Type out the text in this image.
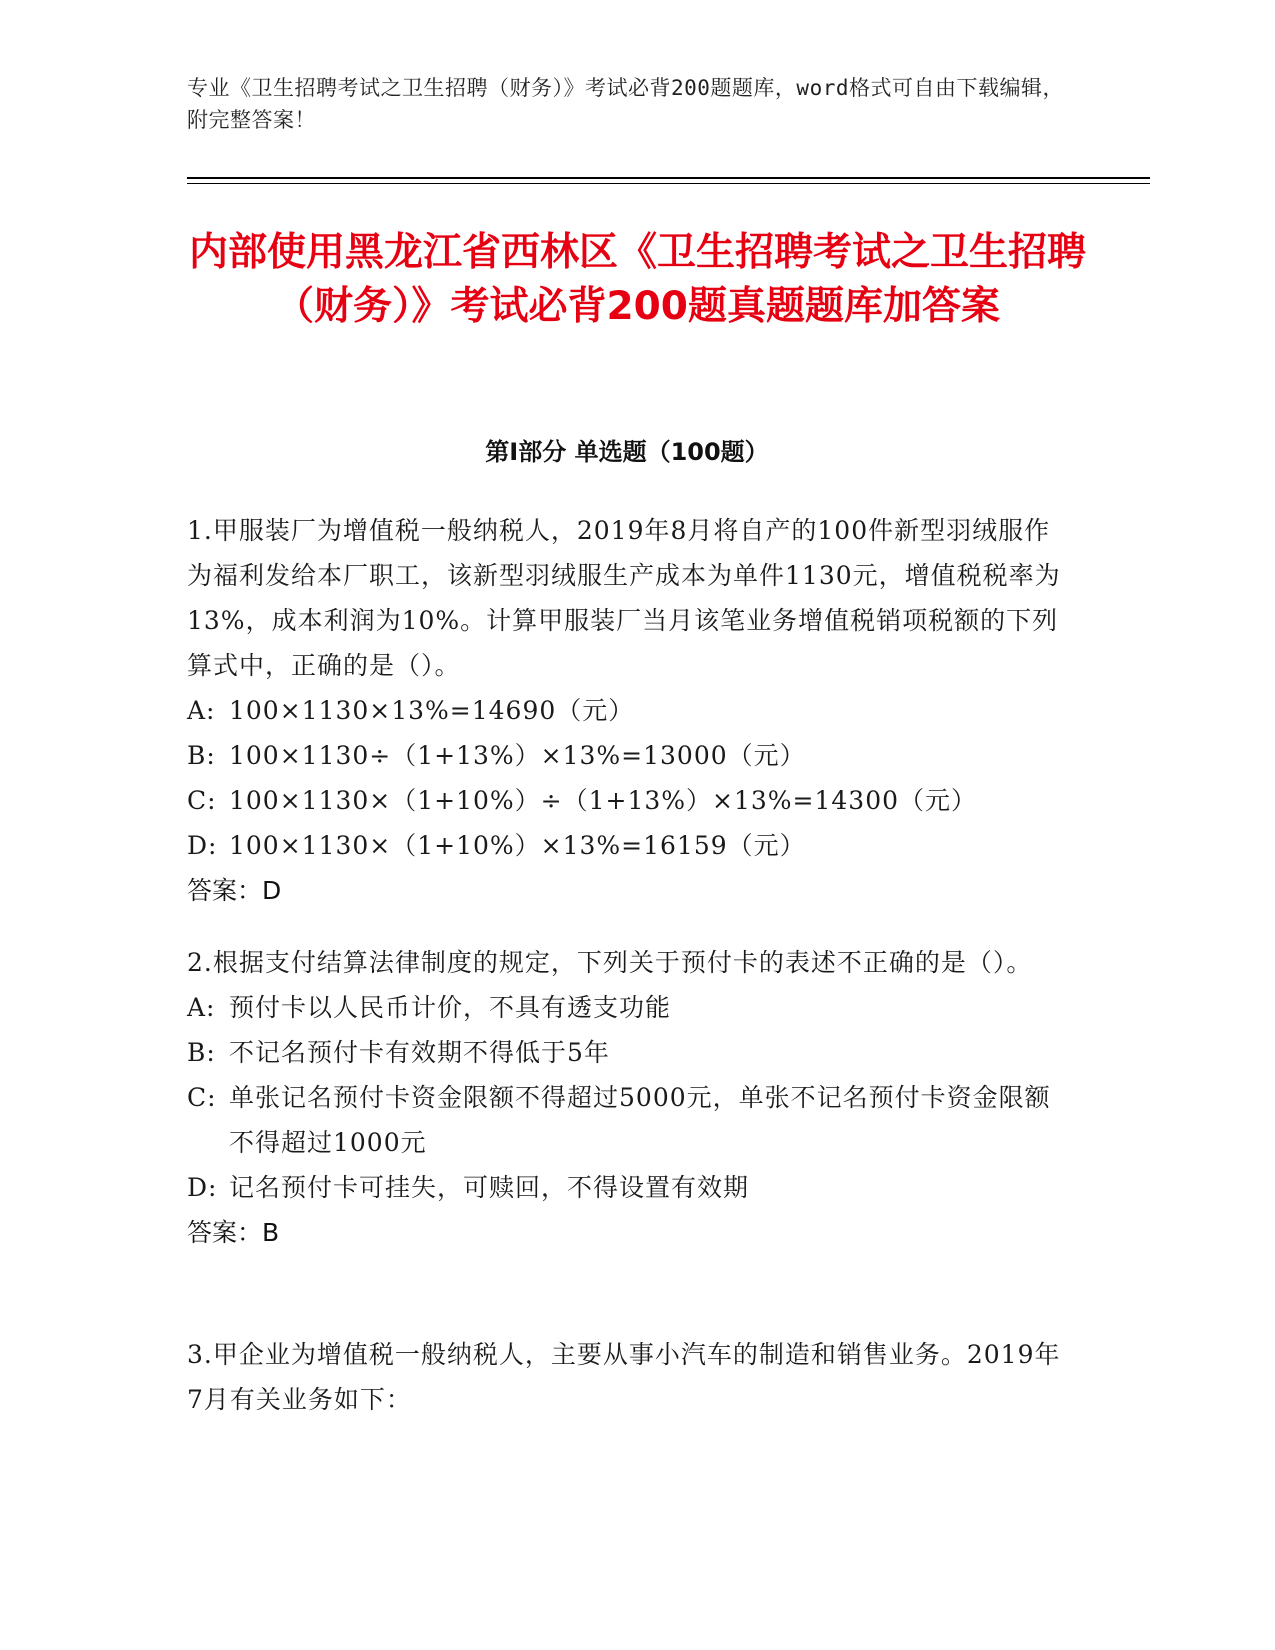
专业《卫生招聘考试之卫生招聘（财务）》考试必背200题题库，word格式可自由下载编辑，附完整答案！
内部使用黑龙江省西林区《卫生招聘考试之卫生招聘（财务）》考试必背200题真题题库加答案
第Ⅰ部分 单选题（100题）

1.甲服装厂为增值税一般纳税人，2019年8月将自产的100件新型羽绒服作为福利发给本厂职工，该新型羽绒服生产成本为单件1130元，增值税税率为13%，成本利润为10%。计算甲服装厂当月该笔业务增值税销项税额的下列算式中，正确的是（）。

A: 100×1130×13%=14690（元）
B: 100×1130÷（1+13%）×13%=13000（元）
C: 100×1130×（1+10%）÷（1+13%）×13%=14300（元）
D: 100×1130×（1+10%）×13%=16159（元）

答案：D

2.根据支付结算法律制度的规定，下列关于预付卡的表述不正确的是（）。

A: 预付卡以人民币计价，不具有透支功能
B: 不记名预付卡有效期不得低于5年
C: 单张记名预付卡资金限额不得超过5000元，单张不记名预付卡资金限额不得超过1000元
D: 记名预付卡可挂失，可赎回，不得设置有效期

答案：B

3.甲企业为增值税一般纳税人，主要从事小汽车的制造和销售业务。2019年7月有关业务如下：
